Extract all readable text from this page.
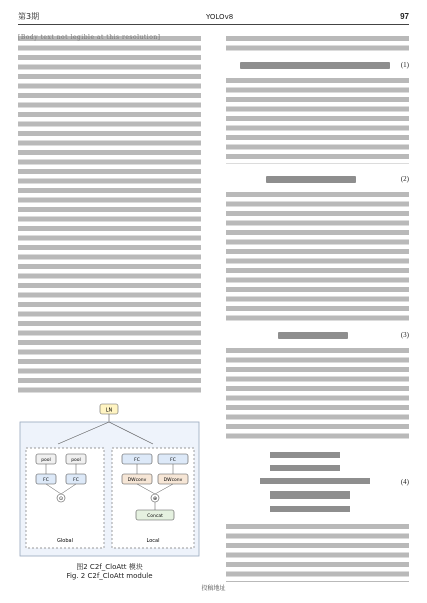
第3期	YOLOv8	97
[Body text not legible at this resolution]
LN
pool	pool
FC	FC
⊙
Global
FC	FC
DWconv	DWconv
⊕
Concat
Local
图2 C2f_CloAtt 模块
Fig. 2 C2f_CloAtt module
(1)
(2)
(3)
(4)
投稿地址
